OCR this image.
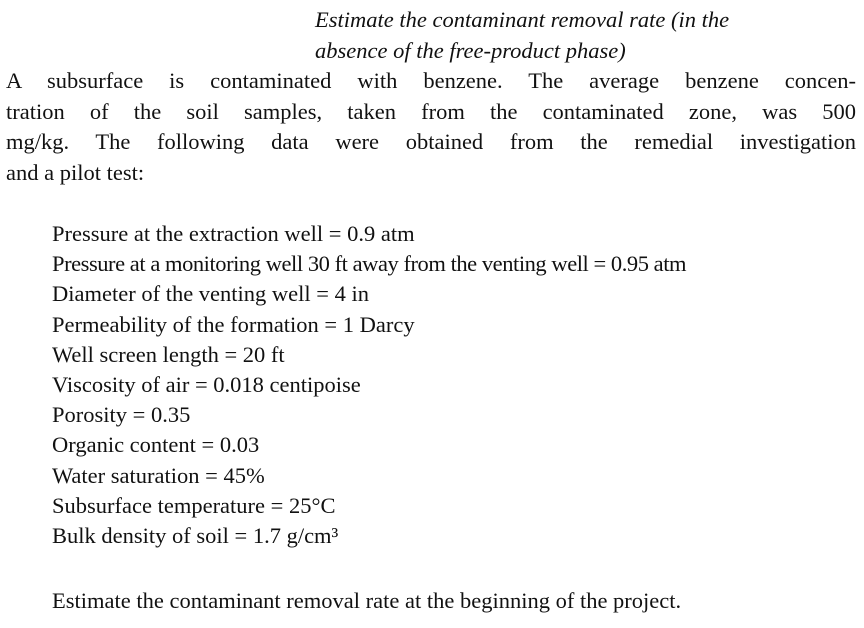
Estimate the contaminant removal rate (in the
absence of the free-product phase)

A subsurface is contaminated with benzene. The average benzene concen-
tration of the soil samples, taken from the contaminated zone, was 500
mg/kg. The following data were obtained from the remedial investigation
and a pilot test:

Pressure at the extraction well = 0.9 atm
Pressure at a monitoring well 30 ft away from the venting well = 0.95 atm
Diameter of the venting well = 4 in
Permeability of the formation = 1 Darcy
Well screen length = 20 ft
Viscosity of air = 0.018 centipoise
Porosity = 0.35
Organic content = 0.03
Water saturation = 45%
Subsurface temperature = 25°C
Bulk density of soil = 1.7 g/cm³

Estimate the contaminant removal rate at the beginning of the project.
